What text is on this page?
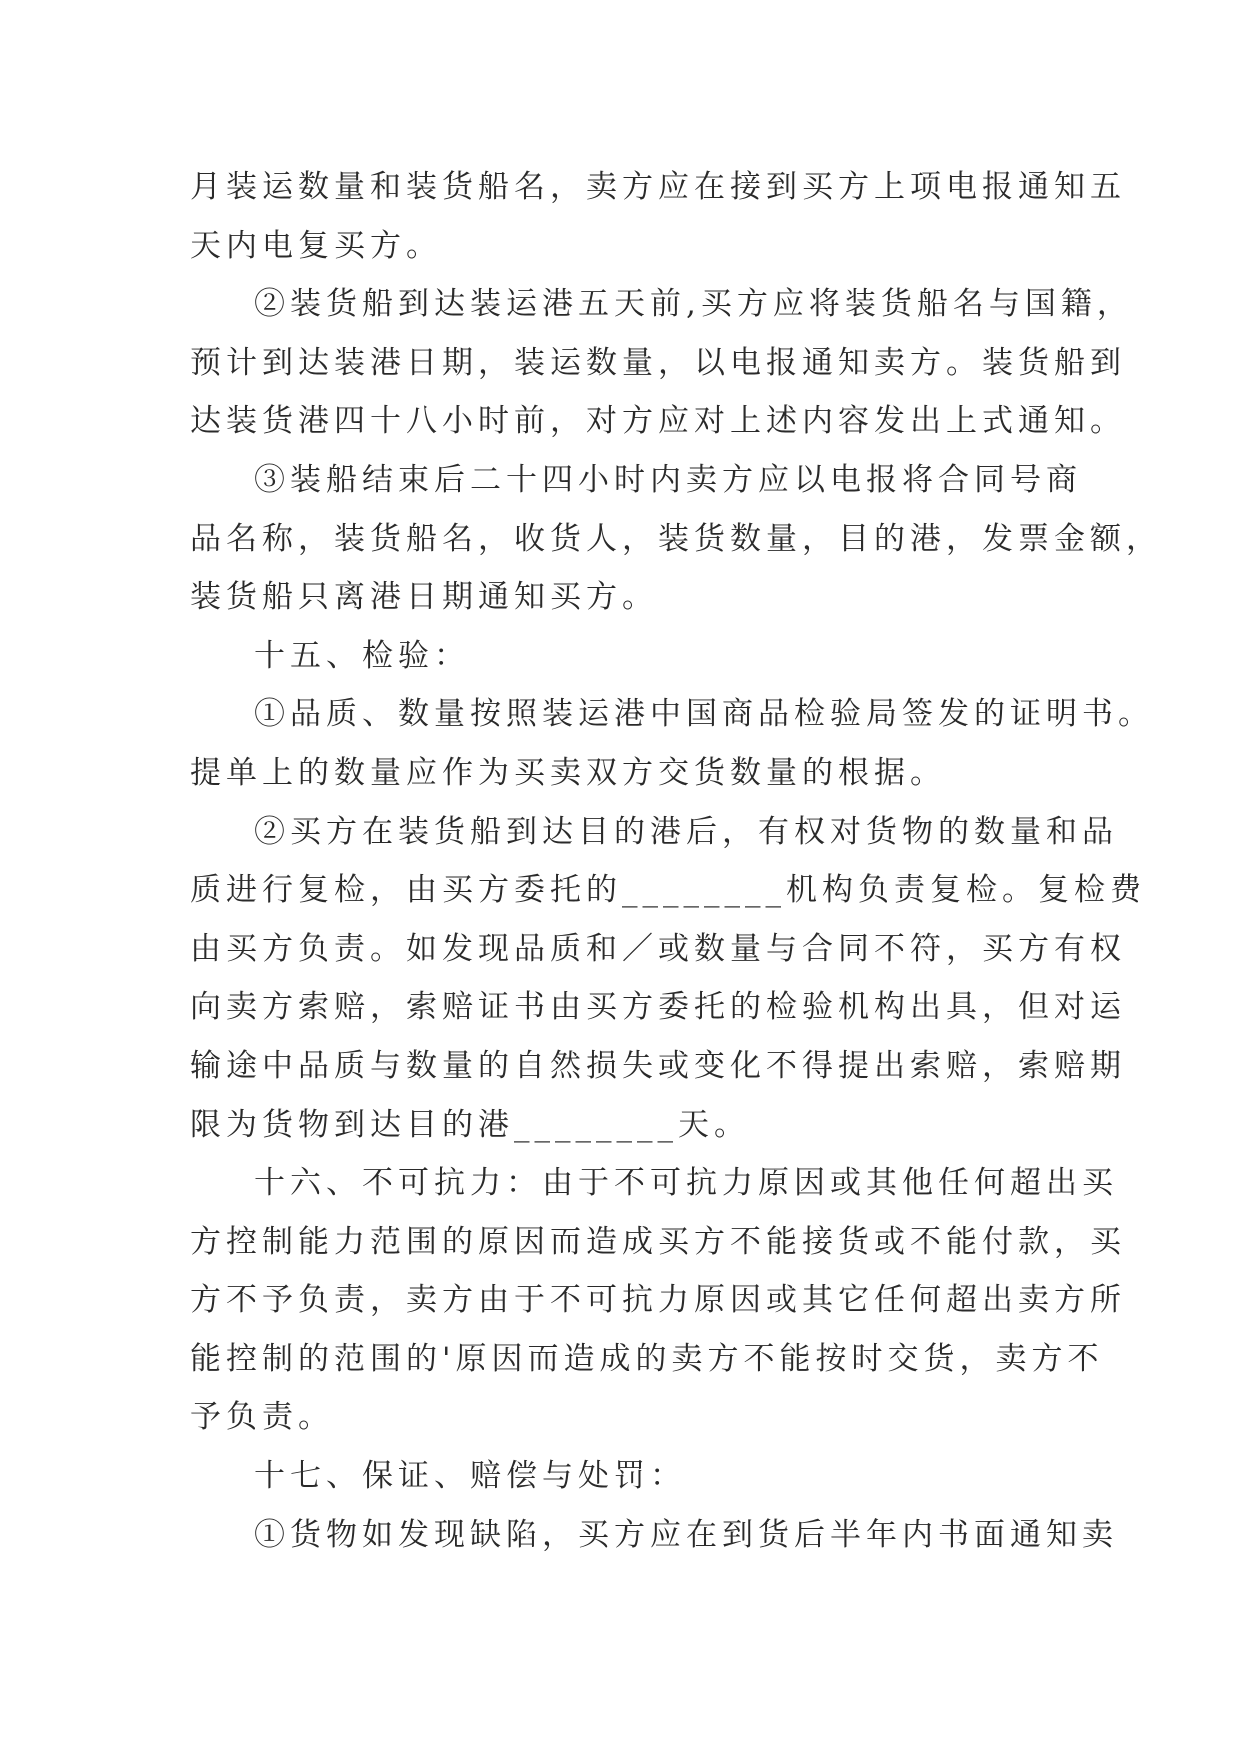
月装运数量和装货船名，卖方应在接到买方上项电报通知五
天内电复买方。
②装货船到达装运港五天前,买方应将装货船名与国籍，
预计到达装港日期，装运数量，以电报通知卖方。装货船到
达装货港四十八小时前，对方应对上述内容发出上式通知。
③装船结束后二十四小时内卖方应以电报将合同号商
品名称，装货船名，收货人，装货数量，目的港，发票金额，
装货船只离港日期通知买方。
十五、检验：
①品质、数量按照装运港中国商品检验局签发的证明书。
提单上的数量应作为买卖双方交货数量的根据。
②买方在装货船到达目的港后，有权对货物的数量和品
质进行复检，由买方委托的________机构负责复检。复检费
由买方负责。如发现品质和／或数量与合同不符，买方有权
向卖方索赔，索赔证书由买方委托的检验机构出具，但对运
输途中品质与数量的自然损失或变化不得提出索赔，索赔期
限为货物到达目的港________天。
十六、不可抗力：由于不可抗力原因或其他任何超出买
方控制能力范围的原因而造成买方不能接货或不能付款，买
方不予负责，卖方由于不可抗力原因或其它任何超出卖方所
能控制的范围的'原因而造成的卖方不能按时交货，卖方不
予负责。
十七、保证、赔偿与处罚：
①货物如发现缺陷，买方应在到货后半年内书面通知卖
